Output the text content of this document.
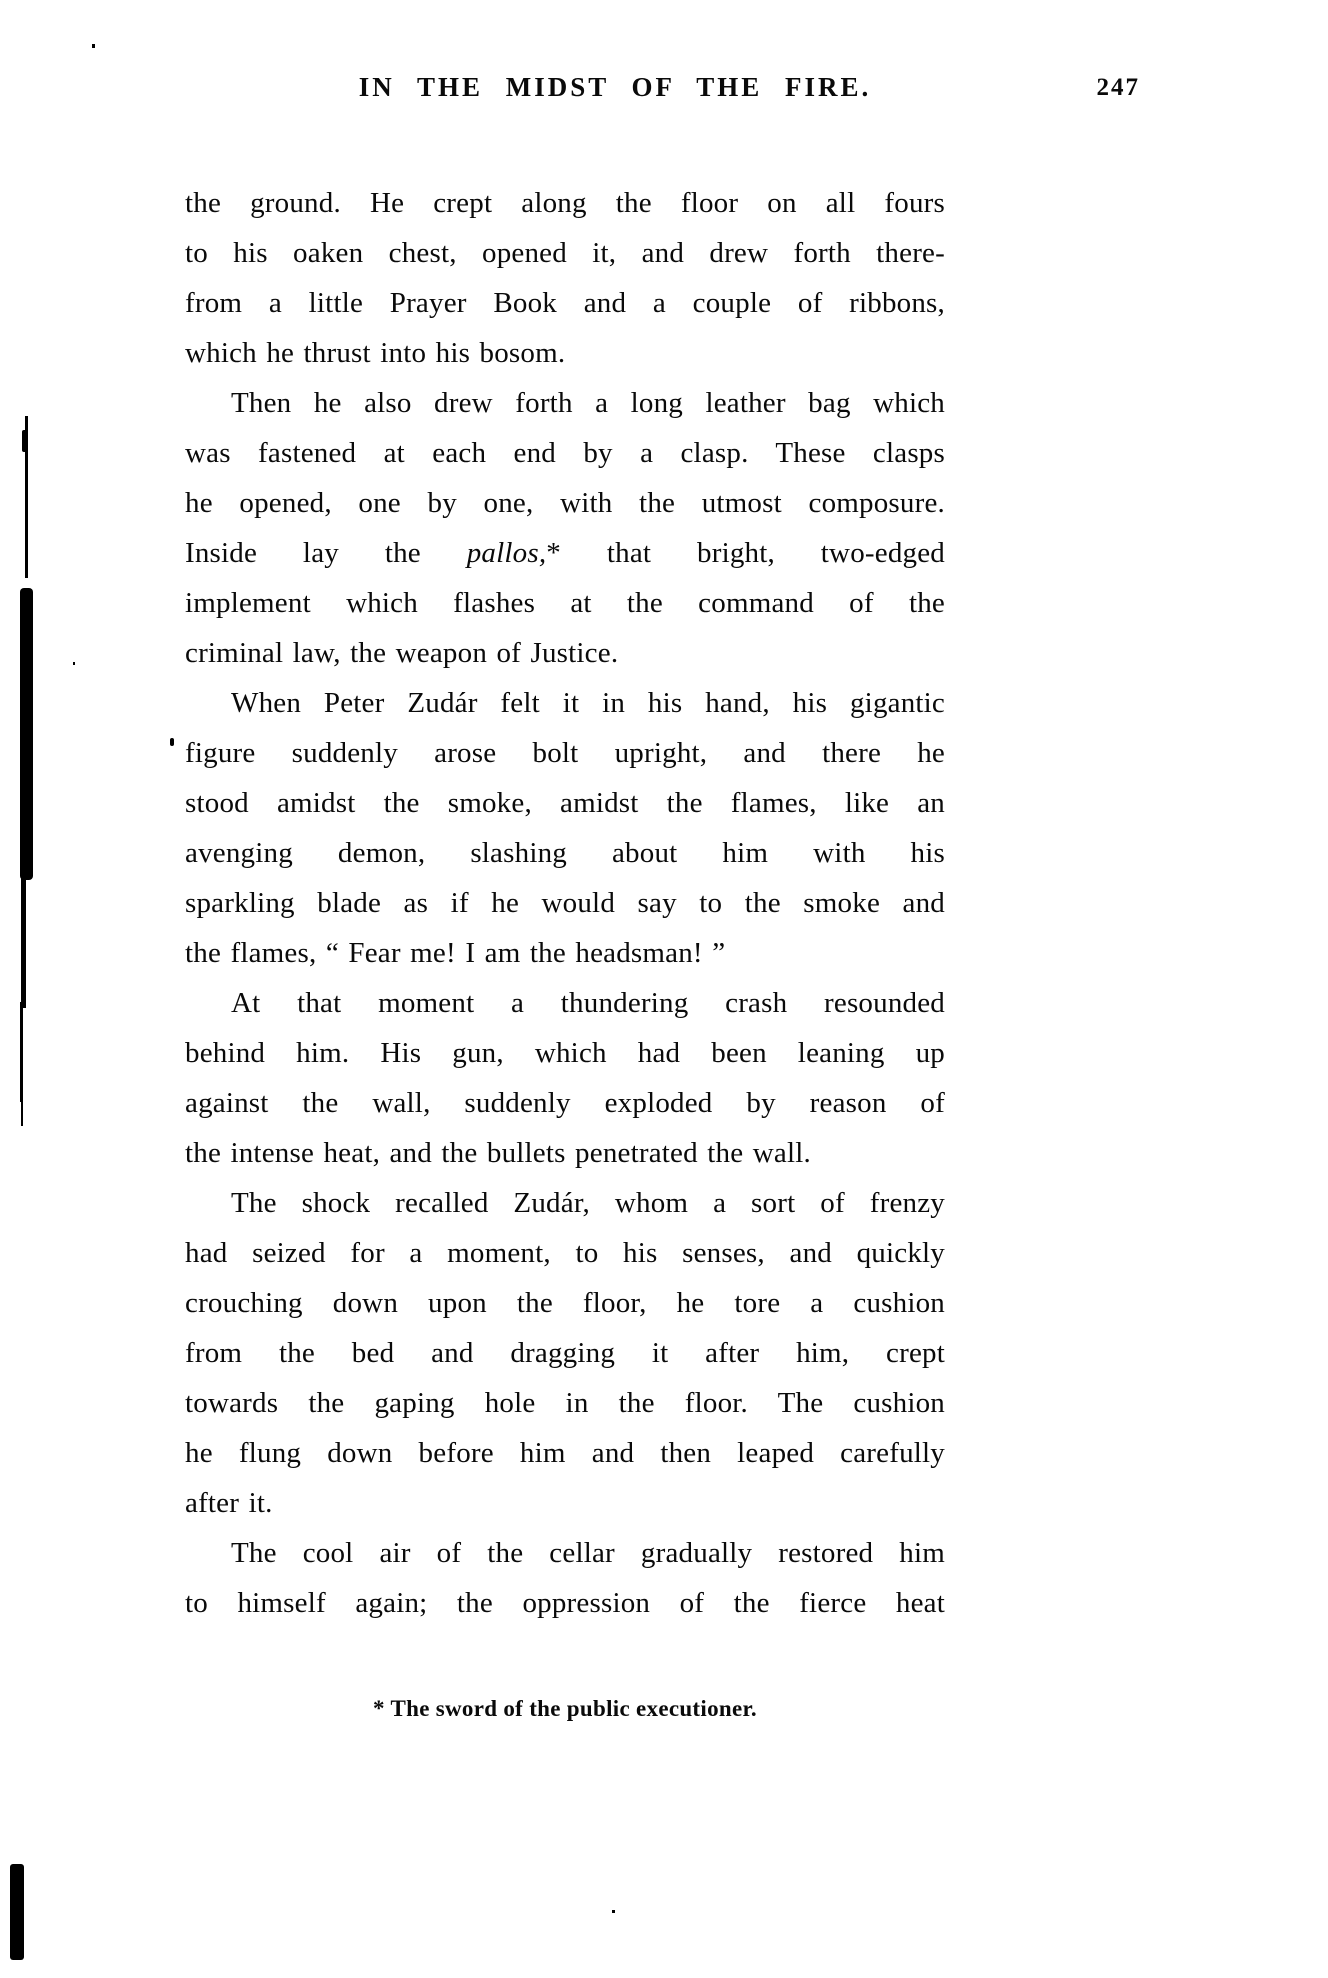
IN THE MIDST OF THE FIRE.	247
the ground. He crept along the floor on all fours
to his oaken chest, opened it, and drew forth there-
from a little Prayer Book and a couple of ribbons,
which he thrust into his bosom.
Then he also drew forth a long leather bag which
was fastened at each end by a clasp. These clasps
he opened, one by one, with the utmost composure.
Inside lay the pallos,* that bright, two-edged
implement which flashes at the command of the
criminal law, the weapon of Justice.
When Peter Zudár felt it in his hand, his gigantic
figure suddenly arose bolt upright, and there he
stood amidst the smoke, amidst the flames, like an
avenging demon, slashing about him with his
sparkling blade as if he would say to the smoke and
the flames, “ Fear me! I am the headsman! ”
At that moment a thundering crash resounded
behind him. His gun, which had been leaning up
against the wall, suddenly exploded by reason of
the intense heat, and the bullets penetrated the wall.
The shock recalled Zudár, whom a sort of frenzy
had seized for a moment, to his senses, and quickly
crouching down upon the floor, he tore a cushion
from the bed and dragging it after him, crept
towards the gaping hole in the floor. The cushion
he flung down before him and then leaped carefully
after it.
The cool air of the cellar gradually restored him
to himself again; the oppression of the fierce heat
* The sword of the public executioner.
